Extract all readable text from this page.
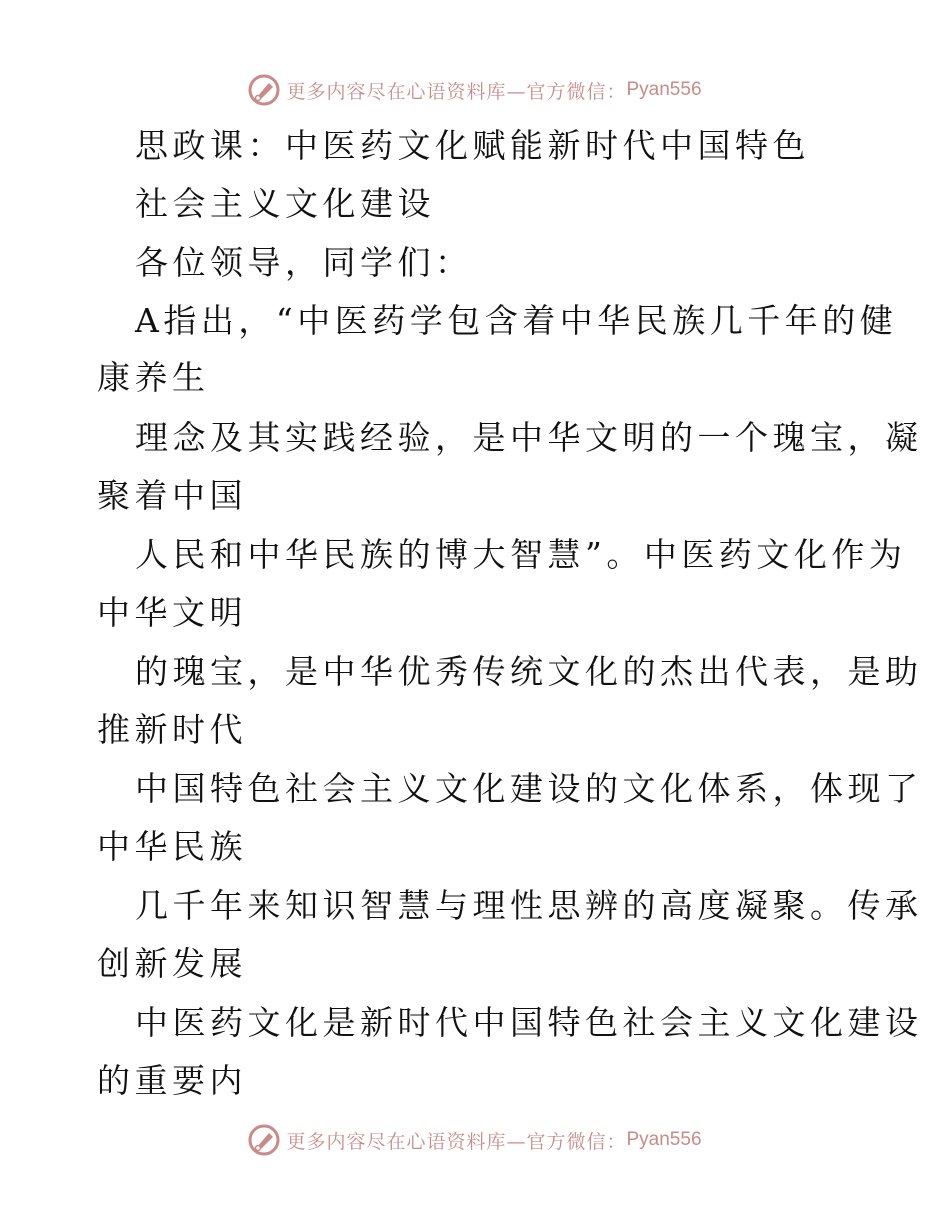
更多内容尽在心语资料库—官方微信： Pyan556
思政课：中医药文化赋能新时代中国特色
社会主义文化建设
各位领导，同学们：
A指出，“中医药学包含着中华民族几千年的健
康养生
理念及其实践经验，是中华文明的一个瑰宝，凝
聚着中国
人民和中华民族的博大智慧”。中医药文化作为
中华文明
的瑰宝，是中华优秀传统文化的杰出代表，是助
推新时代
中国特色社会主义文化建设的文化体系，体现了
中华民族
几千年来知识智慧与理性思辨的高度凝聚。传承
创新发展
中医药文化是新时代中国特色社会主义文化建设
的重要内
更多内容尽在心语资料库—官方微信： Pyan556
